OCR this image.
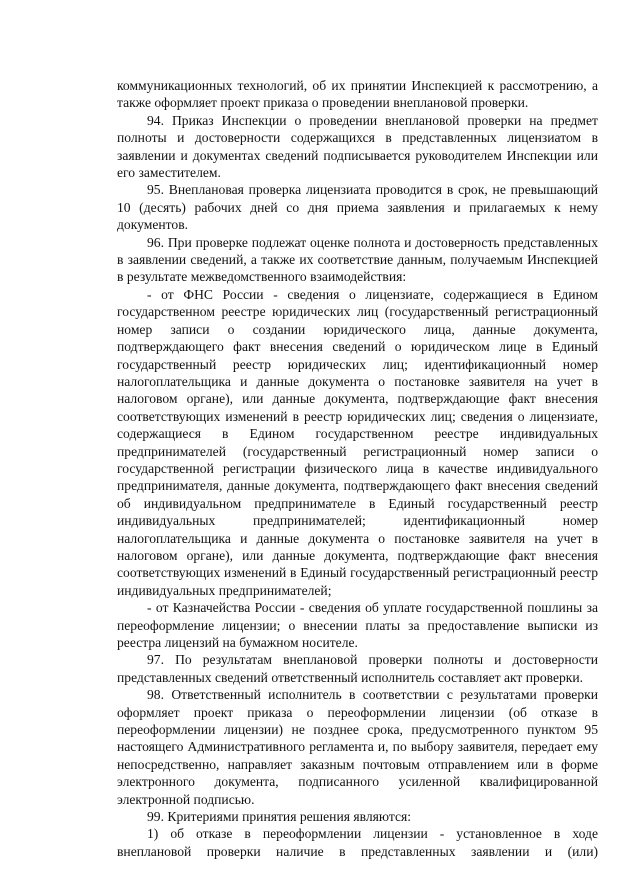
коммуникационных технологий, об их принятии Инспекцией к рассмотрению, а также оформляет проект приказа о проведении внеплановой проверки.

94. Приказ Инспекции о проведении внеплановой проверки на предмет полноты и достоверности содержащихся в представленных лицензиатом в заявлении и документах сведений подписывается руководителем Инспекции или его заместителем.

95. Внеплановая проверка лицензиата проводится в срок, не превышающий 10 (десять) рабочих дней со дня приема заявления и прилагаемых к нему документов.

96. При проверке подлежат оценке полнота и достоверность представленных в заявлении сведений, а также их соответствие данным, получаемым Инспекцией в результате межведомственного взаимодействия:

- от ФНС России - сведения о лицензиате, содержащиеся в Едином государственном реестре юридических лиц (государственный регистрационный номер записи о создании юридического лица, данные документа, подтверждающего факт внесения сведений о юридическом лице в Единый государственный реестр юридических лиц; идентификационный номер налогоплательщика и данные документа о постановке заявителя на учет в налоговом органе), или данные документа, подтверждающие факт внесения соответствующих изменений в реестр юридических лиц; сведения о лицензиате, содержащиеся в Едином государственном реестре индивидуальных предпринимателей (государственный регистрационный номер записи о государственной регистрации физического лица в качестве индивидуального предпринимателя, данные документа, подтверждающего факт внесения сведений об индивидуальном предпринимателе в Единый государственный реестр индивидуальных предпринимателей; идентификационный номер налогоплательщика и данные документа о постановке заявителя на учет в налоговом органе), или данные документа, подтверждающие факт внесения соответствующих изменений в Единый государственный регистрационный реестр индивидуальных предпринимателей;

- от Казначейства России - сведения об уплате государственной пошлины за переоформление лицензии; о внесении платы за предоставление выписки из реестра лицензий на бумажном носителе.

97. По результатам внеплановой проверки полноты и достоверности представленных сведений ответственный исполнитель составляет акт проверки.

98. Ответственный исполнитель в соответствии с результатами проверки оформляет проект приказа о переоформлении лицензии (об отказе в переоформлении лицензии) не позднее срока, предусмотренного пунктом 95 настоящего Административного регламента и, по выбору заявителя, передает ему непосредственно, направляет заказным почтовым отправлением или в форме электронного документа, подписанного усиленной квалифицированной электронной подписью.

99. Критериями принятия решения являются:

1) об отказе в переоформлении лицензии - установленное в ходе внеплановой проверки наличие в представленных заявлении и (или)
